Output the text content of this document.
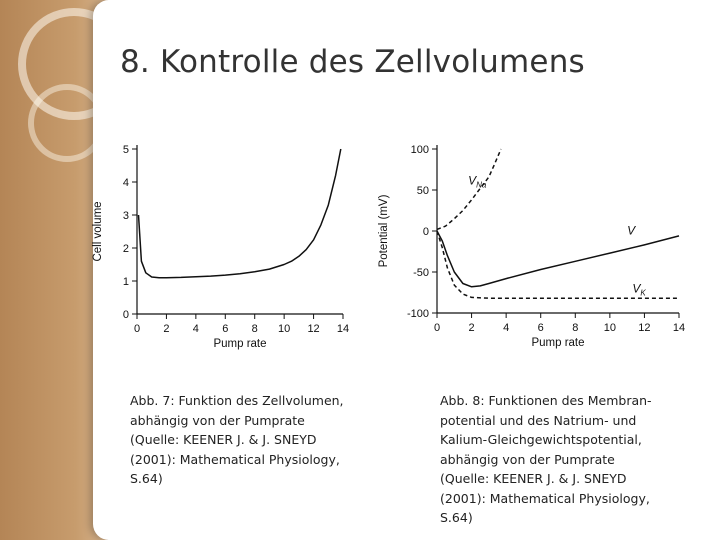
8. Kontrolle des Zellvolumens
0
1
2
3
4
5
0 2 4 6 8 10 12 14
Pump rate
Cell volume
-100
-50
0
50
100
0	2	4	6	8 10 12 14
Pump rate
Potential (mV)	V
$V_{Na}$
$V_K$
Abb. 7: Funktion des Zellvolumen,
abhängig von der Pumprate
(Quelle: KEENER J. & J. SNEYD
(2001): Mathematical Physiology,
S.64)
Abb. 8: Funktionen des Membran-
potential und des Natrium- und
Kalium-Gleichgewichtspotential,
abhängig von der Pumprate
(Quelle: KEENER J. & J. SNEYD
(2001): Mathematical Physiology,
S.64)
